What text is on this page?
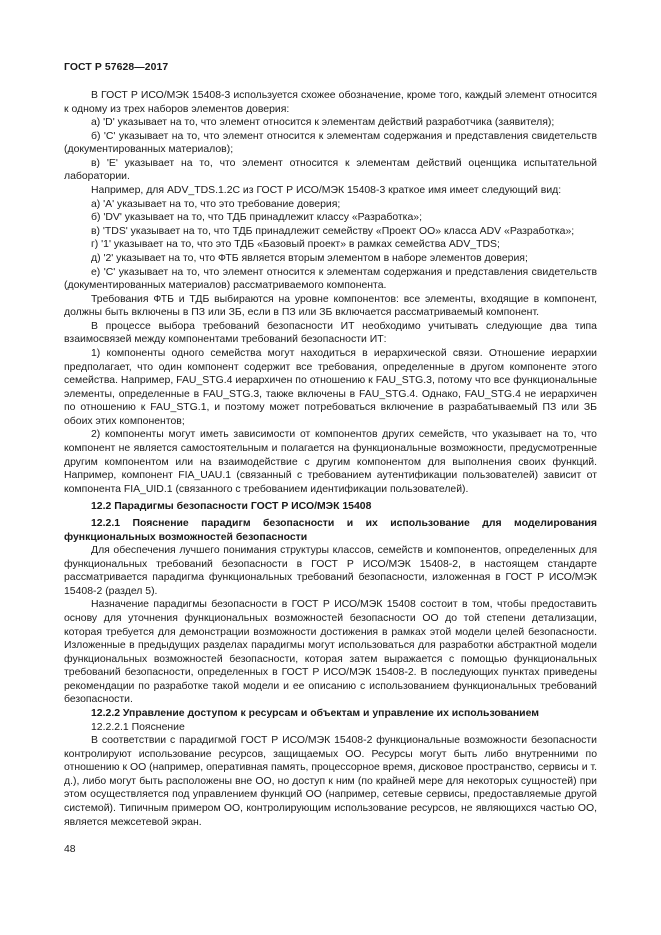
ГОСТ Р 57628—2017

В ГОСТ Р ИСО/МЭК 15408-3 используется схожее обозначение, кроме того, каждый элемент относится к одному из трех наборов элементов доверия:

а) 'D' указывает на то, что элемент относится к элементам действий разработчика (заявителя);

б) 'С' указывает на то, что элемент относится к элементам содержания и представления свидетельств (документированных материалов);

в) 'Е' указывает на то, что элемент относится к элементам действий оценщика испытательной лаборатории.

Например, для ADV_TDS.1.2С из ГОСТ Р ИСО/МЭК 15408-3 краткое имя имеет следующий вид:

а) 'А' указывает на то, что это требование доверия;

б) 'DV' указывает на то, что ТДБ принадлежит классу «Разработка»;

в) 'TDS' указывает на то, что ТДБ принадлежит семейству «Проект ОО» класса ADV «Разработка»;

г) '1' указывает на то, что это ТДБ «Базовый проект» в рамках семейства ADV_TDS;

д) '2' указывает на то, что ФТБ является вторым элементом в наборе элементов доверия;

е) 'С' указывает на то, что элемент относится к элементам содержания и представления свидетельств (документированных материалов) рассматриваемого компонента.

Требования ФТБ и ТДБ выбираются на уровне компонентов: все элементы, входящие в компонент, должны быть включены в ПЗ или ЗБ, если в ПЗ или ЗБ включается рассматриваемый компонент.

В процессе выбора требований безопасности ИТ необходимо учитывать следующие два типа взаимосвязей между компонентами требований безопасности ИТ:

1) компоненты одного семейства могут находиться в иерархической связи. Отношение иерархии предполагает, что один компонент содержит все требования, определенные в другом компоненте этого семейства. Например, FAU_STG.4 иерархичен по отношению к FAU_STG.3, потому что все функциональные элементы, определенные в FAU_STG.3, также включены в FAU_STG.4. Однако, FAU_STG.4 не иерархичен по отношению к FAU_STG.1, и поэтому может потребоваться включение в разрабатываемый ПЗ или ЗБ обоих этих компонентов;

2) компоненты могут иметь зависимости от компонентов других семейств, что указывает на то, что компонент не является самостоятельным и полагается на функциональные возможности, предусмотренные другим компонентом или на взаимодействие с другим компонентом для выполнения своих функций. Например, компонент FIA_UAU.1 (связанный с требованием аутентификации пользователей) зависит от компонента FIA_UID.1 (связанного с требованием идентификации пользователей).

12.2 Парадигмы безопасности ГОСТ Р ИСО/МЭК 15408

12.2.1 Пояснение парадигм безопасности и их использование для моделирования функциональных возможностей безопасности

Для обеспечения лучшего понимания структуры классов, семейств и компонентов, определенных для функциональных требований безопасности в ГОСТ Р ИСО/МЭК 15408-2, в настоящем стандарте рассматривается парадигма функциональных требований безопасности, изложенная в ГОСТ Р ИСО/МЭК 15408-2 (раздел 5).

Назначение парадигмы безопасности в ГОСТ Р ИСО/МЭК 15408 состоит в том, чтобы предоставить основу для уточнения функциональных возможностей безопасности ОО до той степени детализации, которая требуется для демонстрации возможности достижения в рамках этой модели целей безопасности. Изложенные в предыдущих разделах парадигмы могут использоваться для разработки абстрактной модели функциональных возможностей безопасности, которая затем выражается с помощью функциональных требований безопасности, определенных в ГОСТ Р ИСО/МЭК 15408-2. В последующих пунктах приведены рекомендации по разработке такой модели и ее описанию с использованием функциональных требований безопасности.

12.2.2 Управление доступом к ресурсам и объектам и управление их использованием

12.2.2.1 Пояснение

В соответствии с парадигмой ГОСТ Р ИСО/МЭК 15408-2 функциональные возможности безопасности контролируют использование ресурсов, защищаемых ОО. Ресурсы могут быть либо внутренними по отношению к ОО (например, оперативная память, процессорное время, дисковое пространство, сервисы и т. д.), либо могут быть расположены вне ОО, но доступ к ним (по крайней мере для некоторых сущностей) при этом осуществляется под управлением функций ОО (например, сетевые сервисы, предоставляемые другой системой). Типичным примером ОО, контролирующим использование ресурсов, не являющихся частью ОО, является межсетевой экран.

48
